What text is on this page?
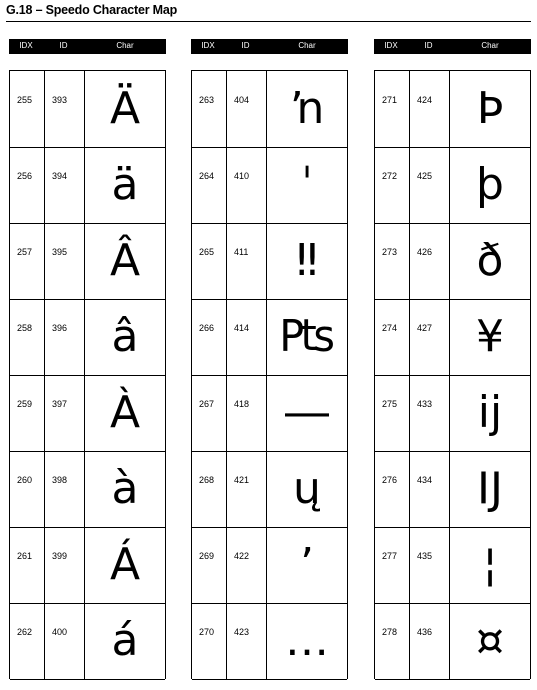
G.18 – Speedo Character Map
IDX	ID	Char
255 393 Ä
256 394	ä
257 395 Â
258 396	â
259 397 À
260 398	à
261 399 Á
262 400	á
IDX	ID	Char
263 404 ŉ
264 410	ˈ
265 411	‼
266 414 ₧
267 418 ―
268 421	ų
269 422	’
270 423 …
IDX	ID	Char
271 424	Þ
272 425	þ
273 426	ð
274 427 ¥
275 433	ĳ
276 434	Ĳ
277 435	¦
278 436 ¤
